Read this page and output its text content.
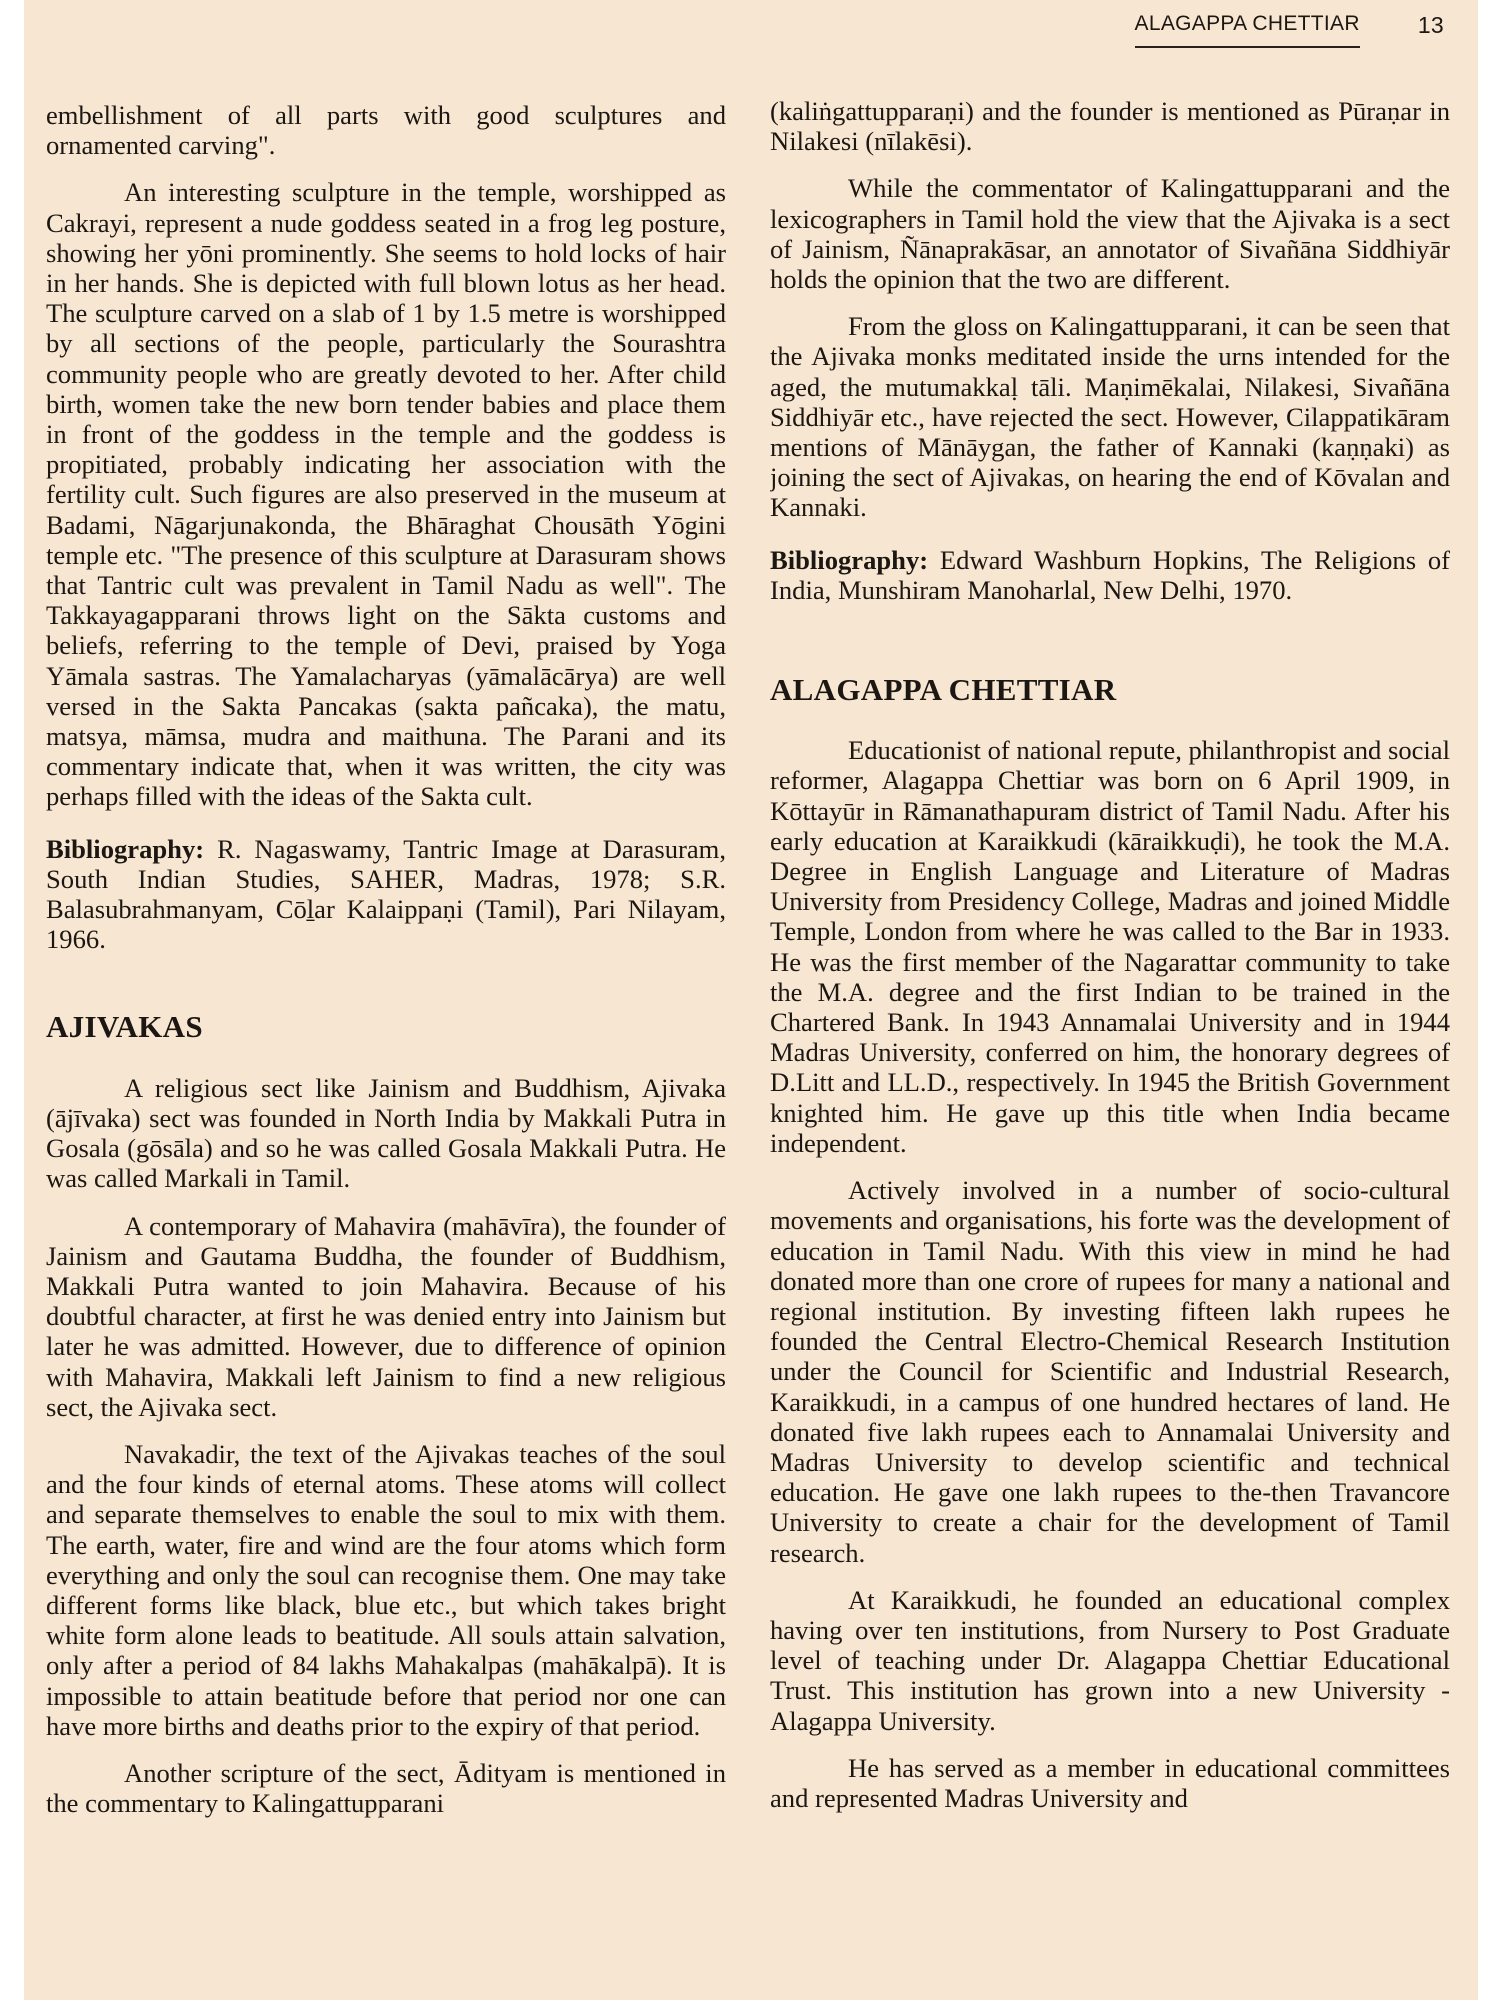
ALAGAPPA CHETTIAR	13

embellishment of all parts with good sculptures and ornamented carving".

An interesting sculpture in the temple, worshipped as Cakrayi, represent a nude goddess seated in a frog leg posture, showing her yōni prominently. She seems to hold locks of hair in her hands. She is depicted with full blown lotus as her head. The sculpture carved on a slab of 1 by 1.5 metre is worshipped by all sections of the people, particularly the Sourashtra community people who are greatly devoted to her. After child birth, women take the new born tender babies and place them in front of the goddess in the temple and the goddess is propitiated, probably indicating her association with the fertility cult. Such figures are also preserved in the museum at Badami, Nāgarjunakonda, the Bhāraghat Chousāth Yōgini temple etc. "The presence of this sculpture at Darasuram shows that Tantric cult was prevalent in Tamil Nadu as well". The Takkayagapparani throws light on the Sākta customs and beliefs, referring to the temple of Devi, praised by Yoga Yāmala sastras. The Yamalacharyas (yāmalācārya) are well versed in the Sakta Pancakas (sakta pañcaka), the matu, matsya, māmsa, mudra and maithuna. The Parani and its commentary indicate that, when it was written, the city was perhaps filled with the ideas of the Sakta cult.

Bibliography: R. Nagaswamy, Tantric Image at Darasuram, South Indian Studies, SAHER, Madras, 1978; S.R. Balasubrahmanyam, Cōḻar Kalaippaṇi (Tamil), Pari Nilayam, 1966.

AJIVAKAS

A religious sect like Jainism and Buddhism, Ajivaka (ājīvaka) sect was founded in North India by Makkali Putra in Gosala (gōsāla) and so he was called Gosala Makkali Putra. He was called Markali in Tamil.

A contemporary of Mahavira (mahāvīra), the founder of Jainism and Gautama Buddha, the founder of Buddhism, Makkali Putra wanted to join Mahavira. Because of his doubtful character, at first he was denied entry into Jainism but later he was admitted. However, due to difference of opinion with Mahavira, Makkali left Jainism to find a new religious sect, the Ajivaka sect.

Navakadir, the text of the Ajivakas teaches of the soul and the four kinds of eternal atoms. These atoms will collect and separate themselves to enable the soul to mix with them. The earth, water, fire and wind are the four atoms which form everything and only the soul can recognise them. One may take different forms like black, blue etc., but which takes bright white form alone leads to beatitude. All souls attain salvation, only after a period of 84 lakhs Mahakalpas (mahākalpā). It is impossible to attain beatitude before that period nor one can have more births and deaths prior to the expiry of that period.

Another scripture of the sect, Ādityam is mentioned in the commentary to Kalingattupparani

(kaliṅgattupparaṇi) and the founder is mentioned as Pūraṇar in Nilakesi (nīlakēsi).

While the commentator of Kalingattupparani and the lexicographers in Tamil hold the view that the Ajivaka is a sect of Jainism, Ñānaprakāsar, an annotator of Sivañāna Siddhiyār holds the opinion that the two are different.

From the gloss on Kalingattupparani, it can be seen that the Ajivaka monks meditated inside the urns intended for the aged, the mutumakkaḷ tāli. Maṇimēkalai, Nilakesi, Sivañāna Siddhiyār etc., have rejected the sect. However, Cilappatikāram mentions of Mānāygan, the father of Kannaki (kaṇṇaki) as joining the sect of Ajivakas, on hearing the end of Kōvalan and Kannaki.

Bibliography: Edward Washburn Hopkins, The Religions of India, Munshiram Manoharlal, New Delhi, 1970.

ALAGAPPA CHETTIAR

Educationist of national repute, philanthropist and social reformer, Alagappa Chettiar was born on 6 April 1909, in Kōttayūr in Rāmanathapuram district of Tamil Nadu. After his early education at Karaikkudi (kāraikkuḍi), he took the M.A. Degree in English Language and Literature of Madras University from Presidency College, Madras and joined Middle Temple, London from where he was called to the Bar in 1933. He was the first member of the Nagarattar community to take the M.A. degree and the first Indian to be trained in the Chartered Bank. In 1943 Annamalai University and in 1944 Madras University, conferred on him, the honorary degrees of D.Litt and LL.D., respectively. In 1945 the British Government knighted him. He gave up this title when India became independent.

Actively involved in a number of socio-cultural movements and organisations, his forte was the development of education in Tamil Nadu. With this view in mind he had donated more than one crore of rupees for many a national and regional institution. By investing fifteen lakh rupees he founded the Central Electro-Chemical Research Institution under the Council for Scientific and Industrial Research, Karaikkudi, in a campus of one hundred hectares of land. He donated five lakh rupees each to Annamalai University and Madras University to develop scientific and technical education. He gave one lakh rupees to the-then Travancore University to create a chair for the development of Tamil research.

At Karaikkudi, he founded an educational complex having over ten institutions, from Nursery to Post Graduate level of teaching under Dr. Alagappa Chettiar Educational Trust. This institution has grown into a new University - Alagappa University.

He has served as a member in educational committees and represented Madras University and
